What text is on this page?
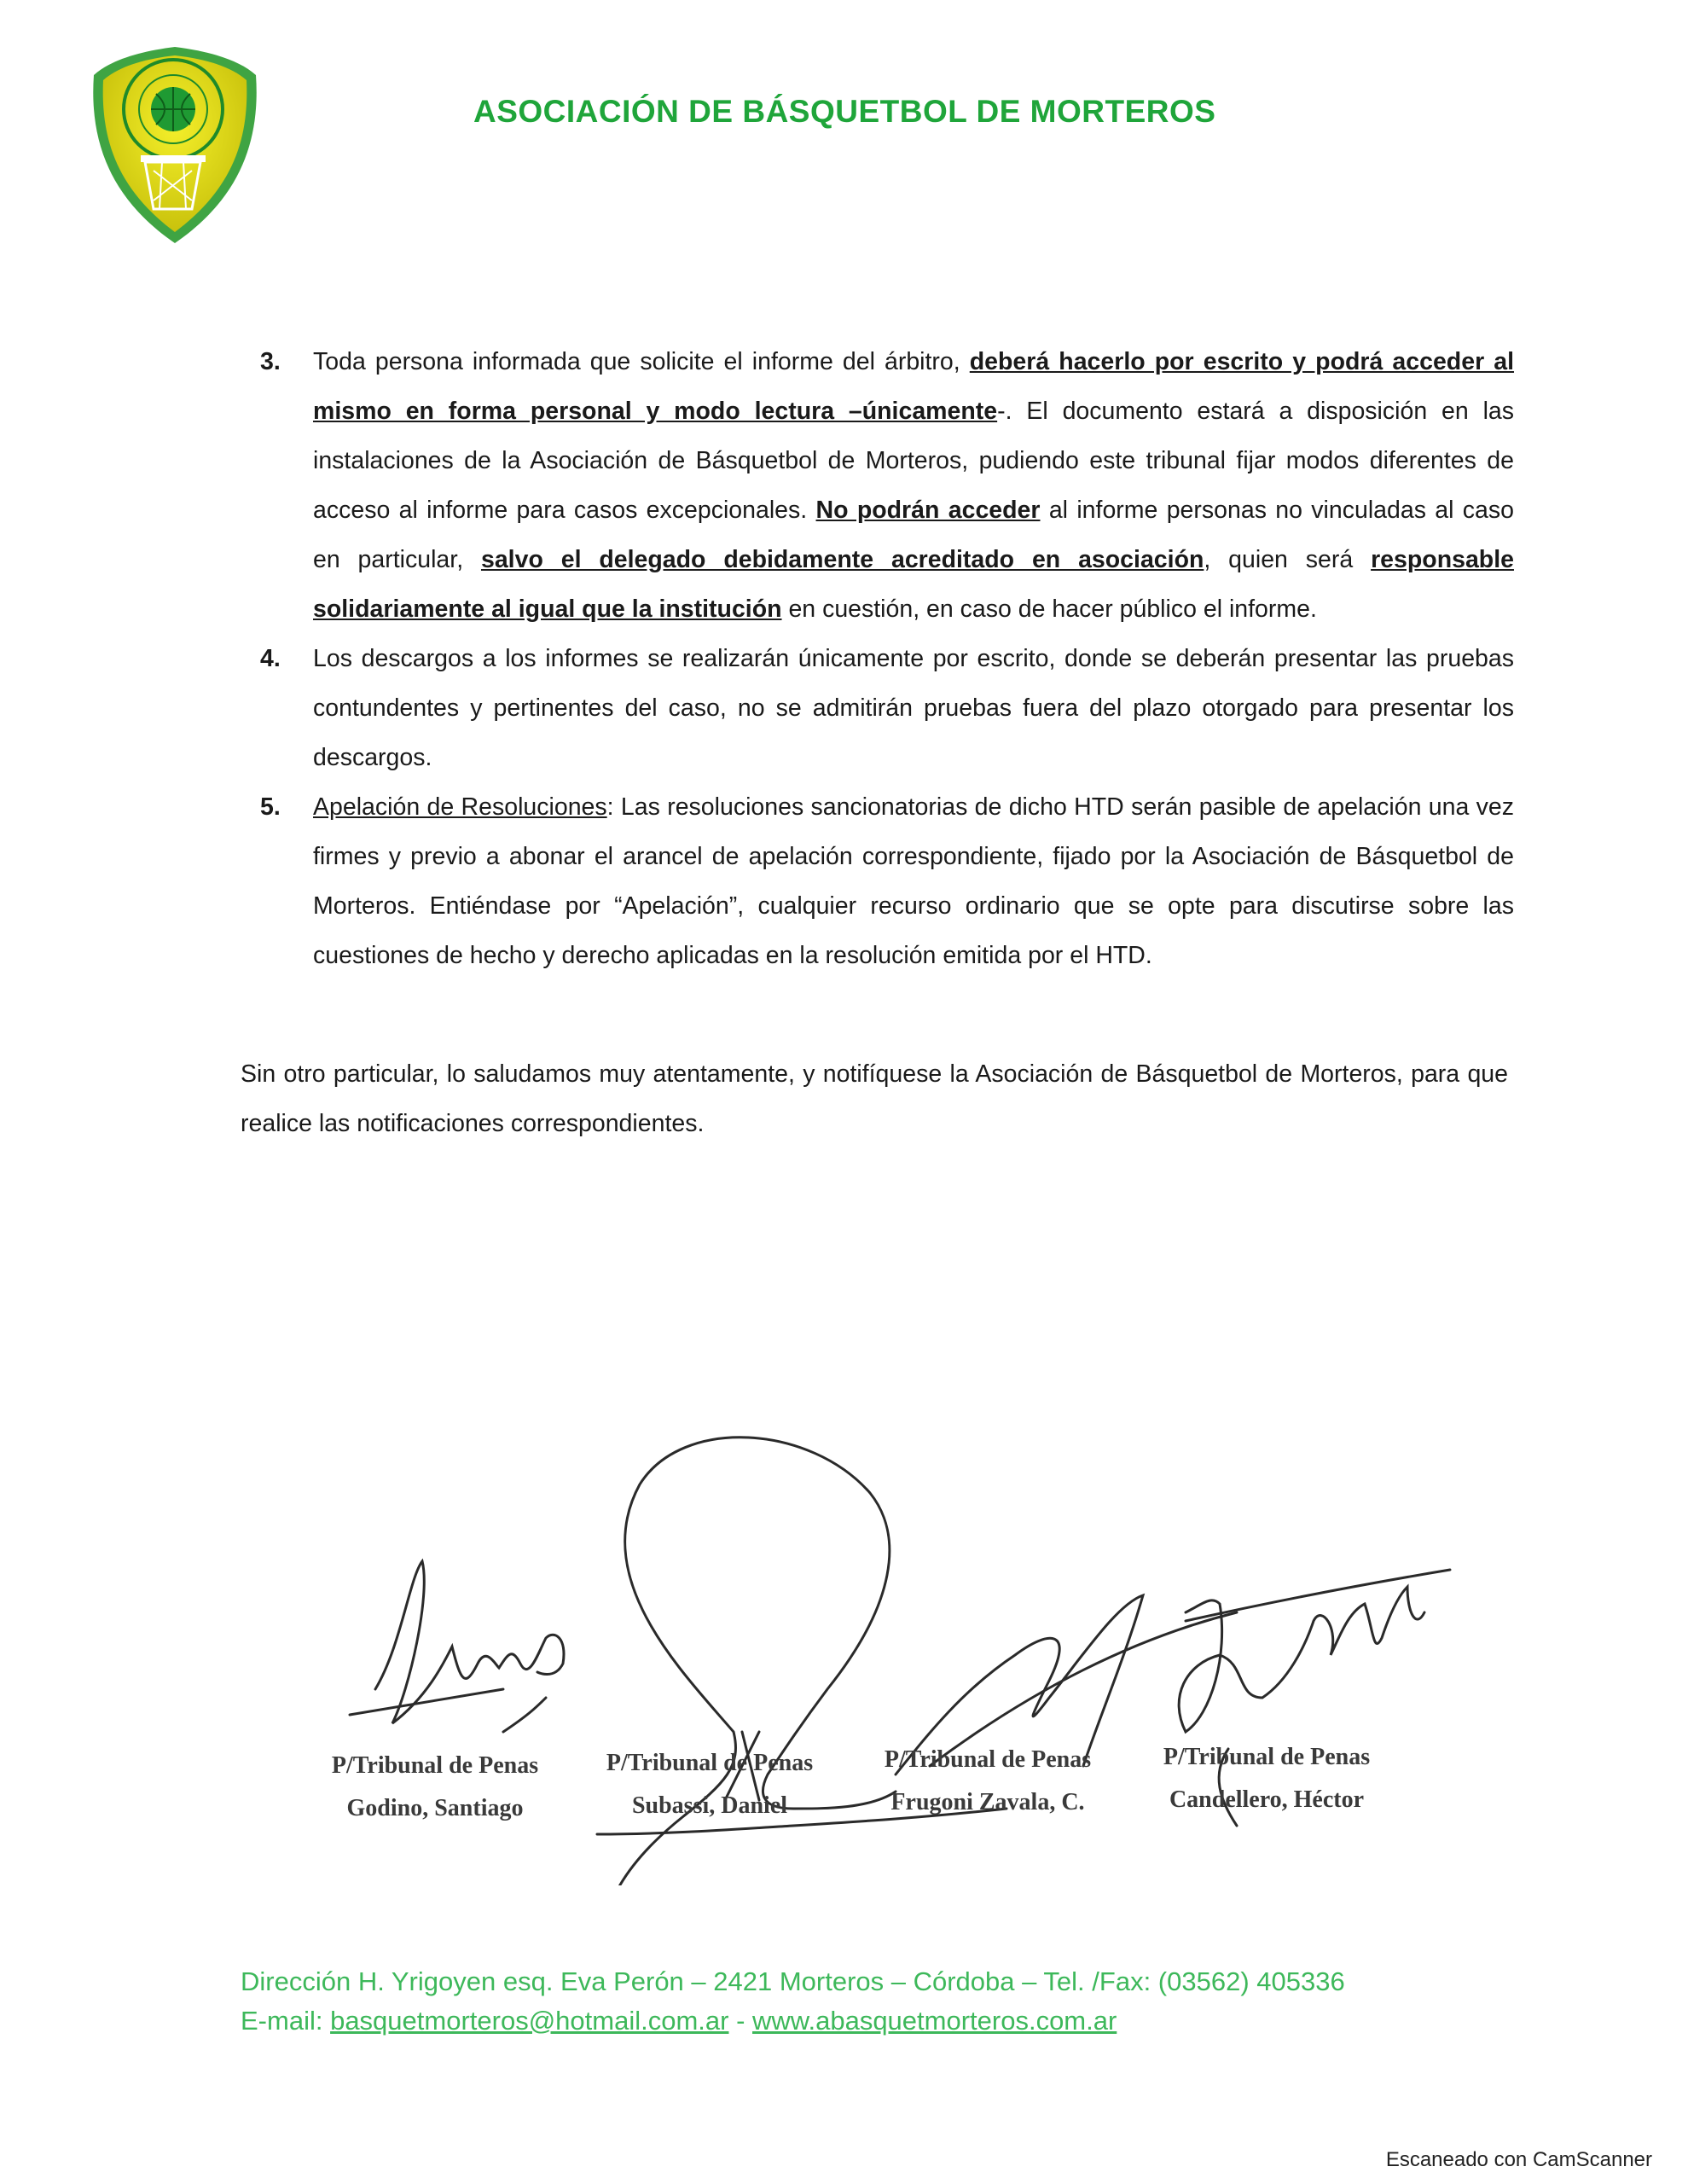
ASOCIACIÓN DE BÁSQUETBOL DE MORTEROS
3. Toda persona informada que solicite el informe del árbitro, deberá hacerlo por escrito y podrá acceder al mismo en forma personal y modo lectura –únicamente-. El documento estará a disposición en las instalaciones de la Asociación de Básquetbol de Morteros, pudiendo este tribunal fijar modos diferentes de acceso al informe para casos excepcionales. No podrán acceder al informe personas no vinculadas al caso en particular, salvo el delegado debidamente acreditado en asociación, quien será responsable solidariamente al igual que la institución en cuestión, en caso de hacer público el informe.
4. Los descargos a los informes se realizarán únicamente por escrito, donde se deberán presentar las pruebas contundentes y pertinentes del caso, no se admitirán pruebas fuera del plazo otorgado para presentar los descargos.
5. Apelación de Resoluciones: Las resoluciones sancionatorias de dicho HTD serán pasible de apelación una vez firmes y previo a abonar el arancel de apelación correspondiente, fijado por la Asociación de Básquetbol de Morteros. Entiéndase por “Apelación”, cualquier recurso ordinario que se opte para discutirse sobre las cuestiones de hecho y derecho aplicadas en la resolución emitida por el HTD.
Sin otro particular, lo saludamos muy atentamente, y notifíquese la Asociación de Básquetbol de Morteros, para que realice las notificaciones correspondientes.
P/Tribunal de Penas
Godino, Santiago
P/Tribunal de Penas
Subassi, Daniel
P/Tribunal de Penas
Frugoni Zavala, C.
P/Tribunal de Penas
Candellero, Héctor
Dirección H. Yrigoyen esq. Eva Perón – 2421 Morteros – Córdoba – Tel. /Fax: (03562) 405336
E-mail: basquetmorteros@hotmail.com.ar - www.abasquetmorteros.com.ar
Escaneado con CamScanner
